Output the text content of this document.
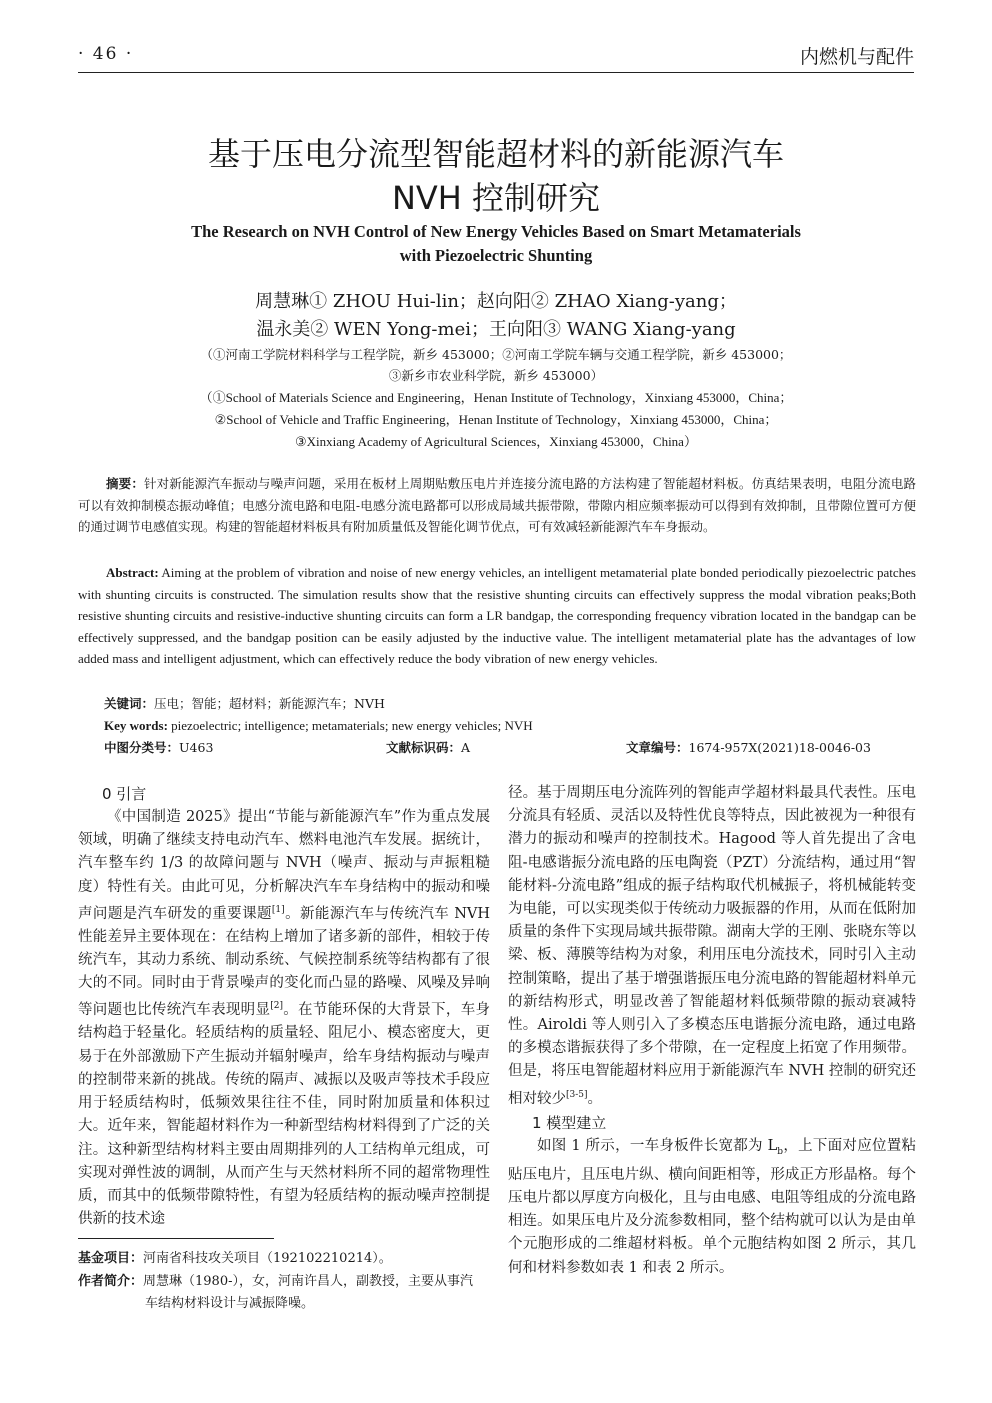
· 46 ·	内燃机与配件
基于压电分流型智能超材料的新能源汽车
NVH 控制研究
The Research on NVH Control of New Energy Vehicles Based on Smart Metamaterials
with Piezoelectric Shunting
周慧琳① ZHOU Hui-lin；赵向阳② ZHAO Xiang-yang；
温永美② WEN Yong-mei；王向阳③ WANG Xiang-yang
（①河南工学院材料科学与工程学院，新乡 453000；②河南工学院车辆与交通工程学院，新乡 453000；
③新乡市农业科学院，新乡 453000）
（①School of Materials Science and Engineering，Henan Institute of Technology，Xinxiang 453000，China；
②School of Vehicle and Traffic Engineering，Henan Institute of Technology，Xinxiang 453000，China；
③Xinxiang Academy of Agricultural Sciences，Xinxiang 453000，China）
摘要：针对新能源汽车振动与噪声问题，采用在板材上周期贴敷压电片并连接分流电路的方法构建了智能超材料板。仿真结果表明，电阻分流电路可以有效抑制模态振动峰值；电感分流电路和电阻-电感分流电路都可以形成局域共振带隙，带隙内相应频率振动可以得到有效抑制，且带隙位置可方便的通过调节电感值实现。构建的智能超材料板具有附加质量低及智能化调节优点，可有效减轻新能源汽车车身振动。
Abstract: Aiming at the problem of vibration and noise of new energy vehicles, an intelligent metamaterial plate bonded periodically piezoelectric patches with shunting circuits is constructed. The simulation results show that the resistive shunting circuits can effectively suppress the modal vibration peaks;Both resistive shunting circuits and resistive-inductive shunting circuits can form a LR bandgap, the corresponding frequency vibration located in the bandgap can be effectively suppressed, and the bandgap position can be easily adjusted by the inductive value. The intelligent metamaterial plate has the advantages of low added mass and intelligent adjustment, which can effectively reduce the body vibration of new energy vehicles.
关键词：压电；智能；超材料；新能源汽车；NVH
Key words: piezoelectric; intelligence; metamaterials; new energy vehicles; NVH
中图分类号：U463	文献标识码：A	文章编号：1674-957X(2021)18-0046-03

0 引言

《中国制造 2025》提出“节能与新能源汽车”作为重点发展领域，明确了继续支持电动汽车、燃料电池汽车发展。据统计，汽车整车约 1/3 的故障问题与 NVH（噪声、振动与声振粗糙度）特性有关。由此可见，分析解决汽车车身结构中的振动和噪声问题是汽车研发的重要课题[1]。新能源汽车与传统汽车 NVH 性能差异主要体现在：在结构上增加了诸多新的部件，相较于传统汽车，其动力系统、制动系统、气候控制系统等结构都有了很大的不同。同时由于背景噪声的变化而凸显的路噪、风噪及异响等问题也比传统汽车表现明显[2]。在节能环保的大背景下，车身结构趋于轻量化。轻质结构的质量轻、阻尼小、模态密度大，更易于在外部激励下产生振动并辐射噪声，给车身结构振动与噪声的控制带来新的挑战。传统的隔声、减振以及吸声等技术手段应用于轻质结构时，低频效果往往不佳，同时附加质量和体积过大。近年来，智能超材料作为一种新型结构材料得到了广泛的关注。这种新型结构材料主要由周期排列的人工结构单元组成，可实现对弹性波的调制，从而产生与天然材料所不同的超常物理性质，而其中的低频带隙特性，有望为轻质结构的振动噪声控制提供新的技术途

径。基于周期压电分流阵列的智能声学超材料最具代表性。压电分流具有轻质、灵活以及特性优良等特点，因此被视为一种很有潜力的振动和噪声的控制技术。Hagood 等人首先提出了含电阻-电感谐振分流电路的压电陶瓷（PZT）分流结构，通过用“智能材料-分流电路”组成的振子结构取代机械振子，将机械能转变为电能，可以实现类似于传统动力吸振器的作用，从而在低附加质量的条件下实现局域共振带隙。湖南大学的王刚、张晓东等以梁、板、薄膜等结构为对象，利用压电分流技术，同时引入主动控制策略，提出了基于增强谐振压电分流电路的智能超材料单元的新结构形式，明显改善了智能超材料低频带隙的振动衰减特性。Airoldi 等人则引入了多模态压电谐振分流电路，通过电路的多模态谐振获得了多个带隙，在一定程度上拓宽了作用频带。但是，将压电智能超材料应用于新能源汽车 NVH 控制的研究还相对较少[3-5]。

1 模型建立

如图 1 所示，一车身板件长宽都为 $L_b$，上下面对应位置粘贴压电片，且压电片纵、横向间距相等，形成正方形晶格。每个压电片都以厚度方向极化，且与由电感、电阻等组成的分流电路相连。如果压电片及分流参数相同，整个结构就可以认为是由单个元胞形成的二维超材料板。单个元胞结构如图 2 所示，其几何和材料参数如表 1 和表 2 所示。

基金项目：河南省科技攻关项目（192102210214）。
作者简介：周慧琳（1980-），女，河南许昌人，副教授，主要从事汽
车结构材料设计与减振降噪。
